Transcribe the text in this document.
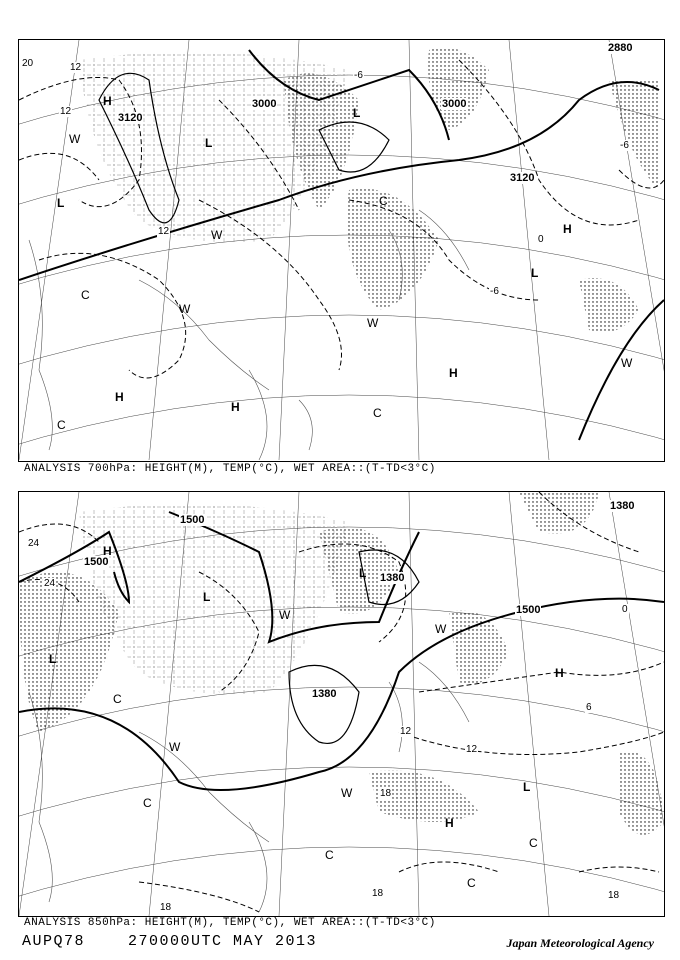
3120
3000	3000
3120
2880
20	12
12
12
-6
0
-6
-6
H
L
L
L
H
L
H
H
H
C
C
C
C
W
W
W
W
W
ANALYSIS 700hPa: HEIGHT(M), TEMP(°C), WET AREA::(T-TD<3°C)
1500
1500
1380
1380
1500
1380
24
24
12
12
0
6
18
18
18
18
H
L
L
L
H
H
L
C
C
C
C
C
W
W
W
W
ANALYSIS 850hPa: HEIGHT(M), TEMP(°C), WET AREA::(T-TD<3°C)
AUPQ78	270000UTC MAY 2013	Japan Meteorological Agency
